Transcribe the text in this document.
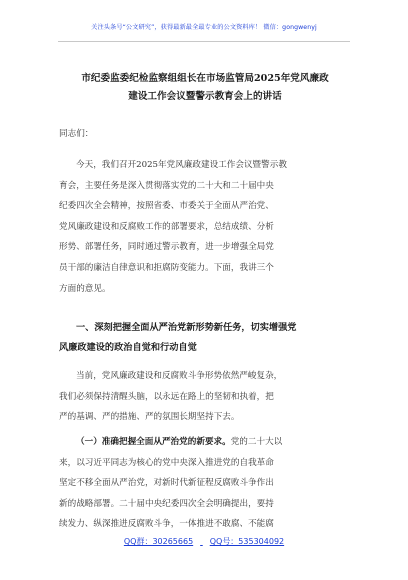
关注头条号“公文研究”，获得最新最全最专业的公文资料库！ 微信：gongwenyj
市纪委监委纪检监察组组长在市场监管局2025年党风廉政
建设工作会议暨警示教育会上的讲话
同志们：
今天，我们召开2025年党风廉政建设工作会议暨警示教
育会，主要任务是深入贯彻落实党的二十大和二十届中央
纪委四次全会精神，按照省委、市委关于全面从严治党、
党风廉政建设和反腐败工作的部署要求，总结成绩、分析
形势、部署任务，同时通过警示教育，进一步增强全局党
员干部的廉洁自律意识和拒腐防变能力。下面，我讲三个
方面的意见。
一、深刻把握全面从严治党新形势新任务，切实增强党
风廉政建设的政治自觉和行动自觉
当前，党风廉政建设和反腐败斗争形势依然严峻复杂，
我们必须保持清醒头脑，以永远在路上的坚韧和执着，把
严的基调、严的措施、严的氛围长期坚持下去。
（一）准确把握全面从严治党的新要求。党的二十大以
来，以习近平同志为核心的党中央深入推进党的自我革命
坚定不移全面从严治党，对新时代新征程反腐败斗争作出
新的战略部署。二十届中央纪委四次全会明确提出，要持
续发力、纵深推进反腐败斗争，一体推进不敢腐、不能腐
QQ群：30265665 QQ号：535304092
